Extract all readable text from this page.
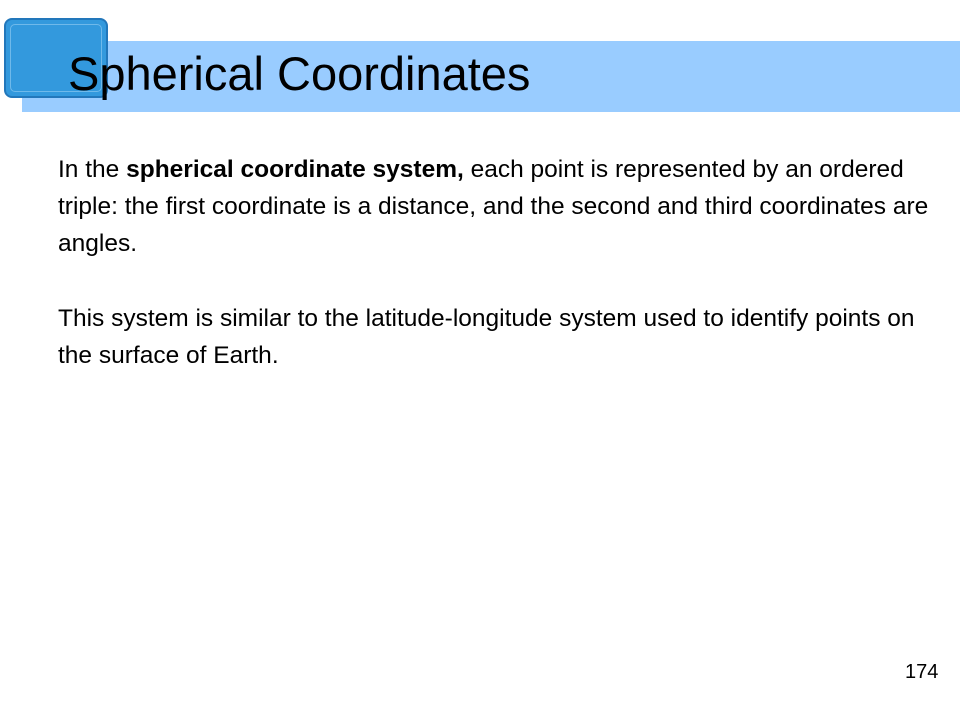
Spherical Coordinates

In the spherical coordinate system, each point is represented by an ordered triple: the first coordinate is a distance, and the second and third coordinates are angles.

This system is similar to the latitude-longitude system used to identify points on the surface of Earth.

174
